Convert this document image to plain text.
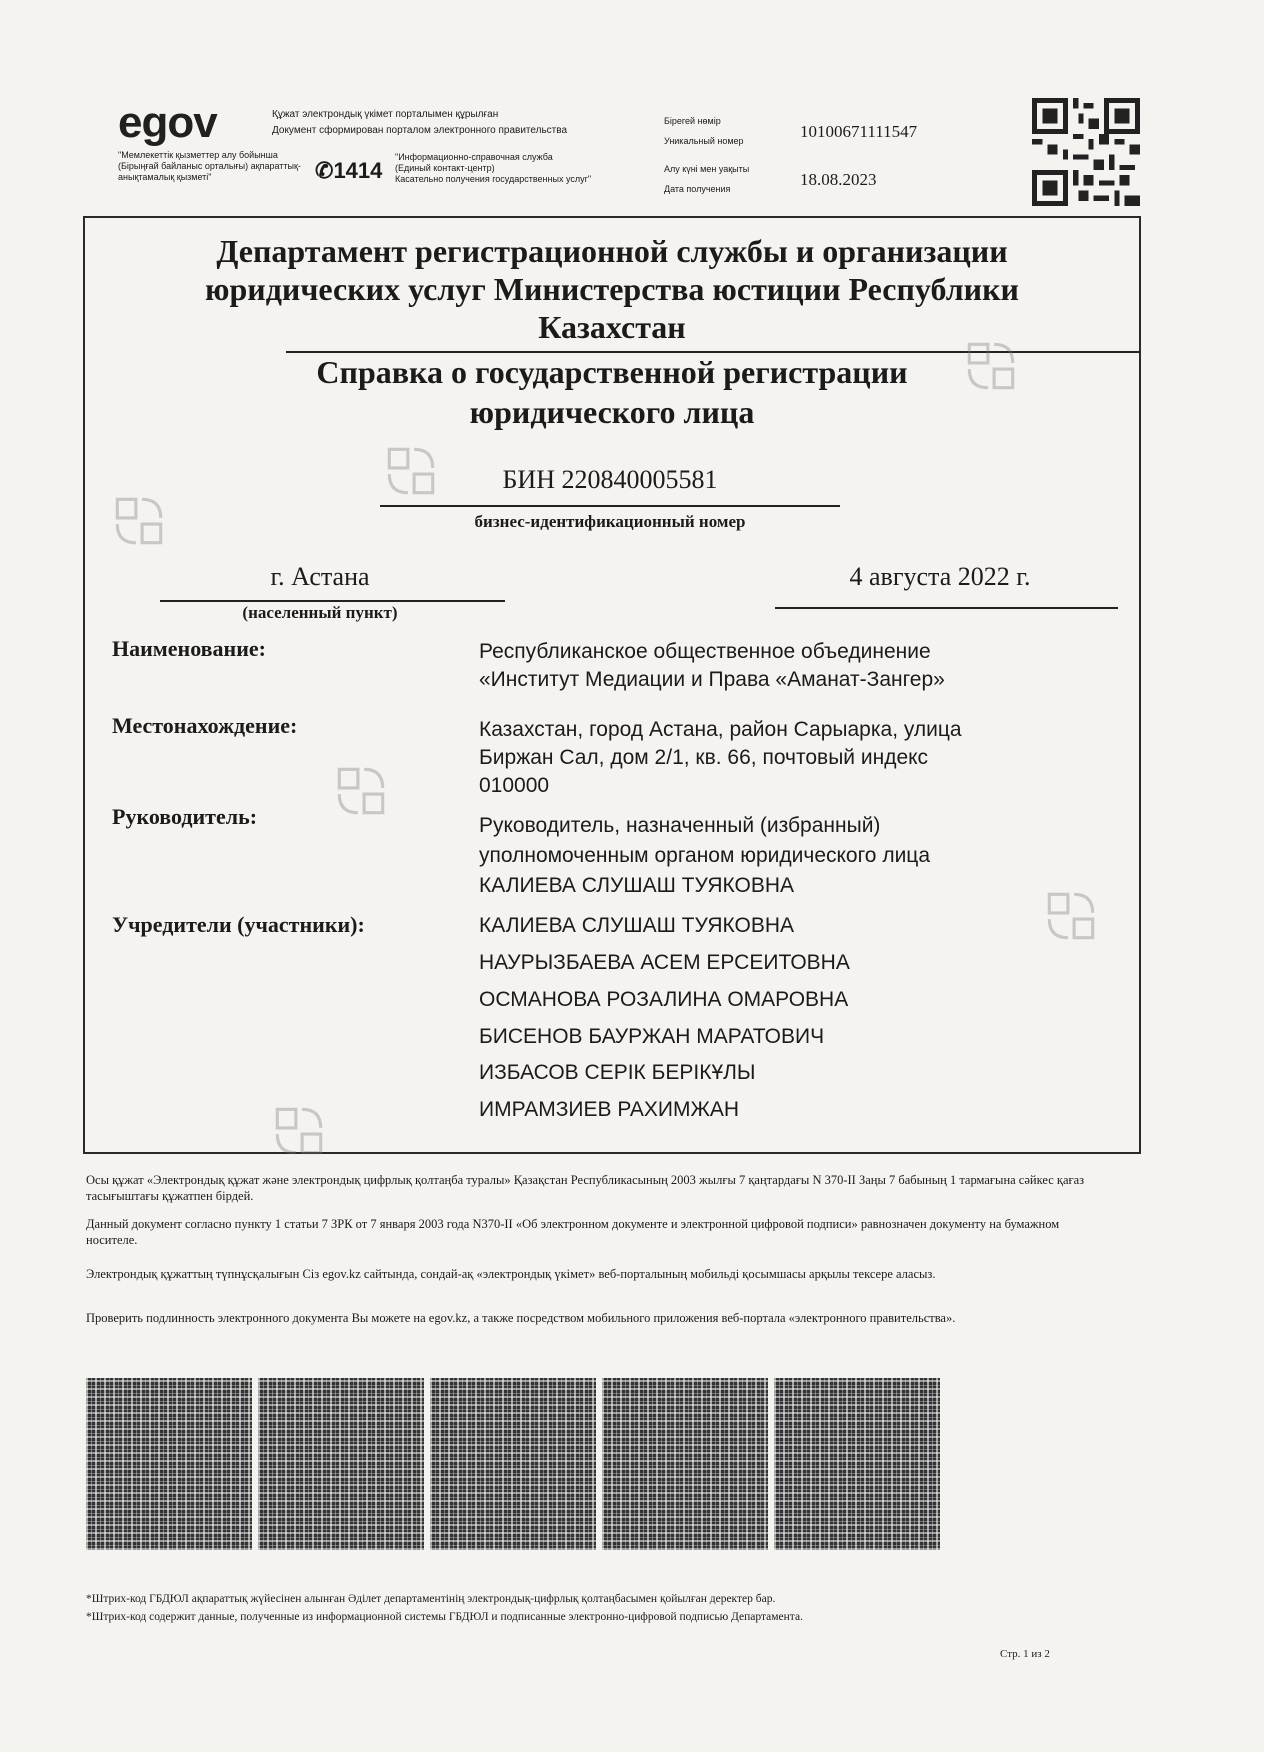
egov
"Мемлекеттік қызметтер алу бойынша (Бірыңғай байланыс орталығы) ақпараттық-анықтамалық қызметі"
Құжат электрондық үкімет порталымен құрылған
Документ сформирован порталом электронного правительства
✆1414
"Информационно-справочная служба
(Единый контакт-центр)
Касательно получения государственных услуг"
Бірегей нөмір
Уникальный номер	10100671111547
Алу күні мен уақыты
Дата получения	18.08.2023
Департамент регистрационной службы и организации
юридических услуг Министерства юстиции Республики
Казахстан
Справка о государственной регистрации
юридического лица
БИН 220840005581
бизнес-идентификационный номер
г. Астана
(населенный пункт)
4 августа 2022 г.
Наименование:	Республиканское общественное объединение
«Институт Медиации и Права «Аманат-Зангер»
Местонахождение:	Казахстан, город Астана, район Сарыарка, улица
Биржан Сал, дом 2/1, кв. 66, почтовый индекс
010000
Руководитель:	Руководитель, назначенный (избранный)
уполномоченным органом юридического лица
КАЛИЕВА СЛУШАШ ТУЯКОВНА
Учредители (участники):	КАЛИЕВА СЛУШАШ ТУЯКОВНА
НАУРЫЗБАЕВА АСЕМ ЕРСЕИТОВНА
ОСМАНОВА РОЗАЛИНА ОМАРОВНА
БИСЕНОВ БАУРЖАН МАРАТОВИЧ
ИЗБАСОВ СЕРІК БЕРІКҰЛЫ
ИМРАМЗИЕВ РАХИМЖАН
Осы құжат «Электрондық құжат және электрондық цифрлық қолтаңба туралы» Қазақстан Республикасының 2003 жылғы 7 қаңтардағы N 370-II Заңы 7 бабының 1 тармағына сәйкес қағаз тасығыштағы құжатпен бірдей.
Данный документ согласно пункту 1 статьи 7 ЗРК от 7 января 2003 года N370-II «Об электронном документе и электронной цифровой подписи» равнозначен документу на бумажном носителе.
Электрондық құжаттың түпнұсқалығын Сіз egov.kz сайтында, сондай-ақ «электрондық үкімет» веб-порталының мобильді қосымшасы арқылы тексере аласыз.
Проверить подлинность электронного документа Вы можете на egov.kz, а также посредством мобильного приложения веб-портала «электронного правительства».
*Штрих-код ГБДЮЛ ақпараттық жүйесінен алынған Әділет департаментінің электрондық-цифрлық қолтаңбасымен қойылған деректер бар.
*Штрих-код содержит данные, полученные из информационной системы ГБДЮЛ и подписанные электронно-цифровой подписью Департамента.
Стр. 1 из 2
